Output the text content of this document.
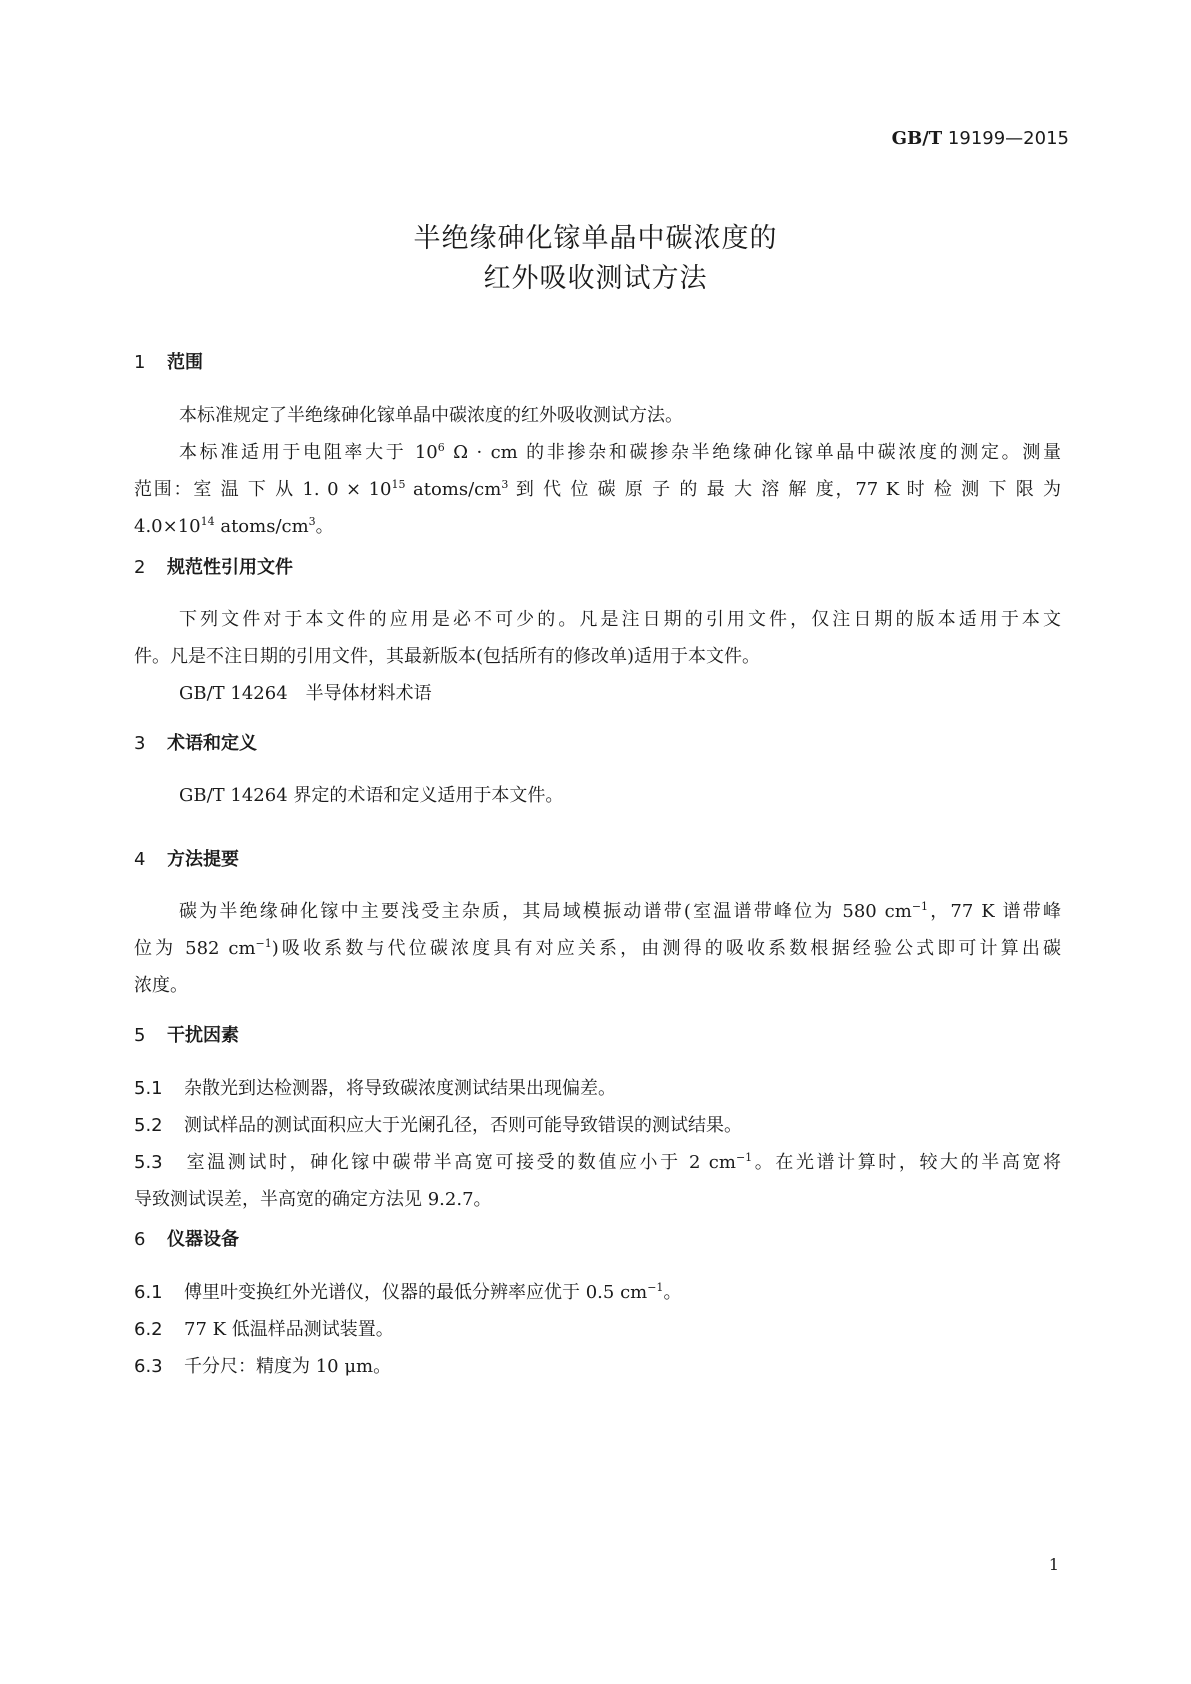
GB/T 19199—2015
半绝缘砷化镓单晶中碳浓度的
红外吸收测试方法
1 范围

本标准规定了半绝缘砷化镓单晶中碳浓度的红外吸收测试方法。

本标准适用于电阻率大于 $10^6$ Ω · cm 的非掺杂和碳掺杂半绝缘砷化镓单晶中碳浓度的测定。测量

范围：室 温 下 从 1. $0 \times 10^{15}$ atoms/$cm^3$ 到 代 位 碳 原 子 的 最 大 溶 解 度，77 K 时 检 测 下 限 为

$4.0\times 10^{14}$ atoms/$cm^3$。

2 规范性引用文件

下列文件对于本文件的应用是必不可少的。凡是注日期的引用文件，仅注日期的版本适用于本文

件。凡是不注日期的引用文件，其最新版本(包括所有的修改单)适用于本文件。

GB/T 14264　半导体材料术语

3 术语和定义

GB/T 14264 界定的术语和定义适用于本文件。

4 方法提要

碳为半绝缘砷化镓中主要浅受主杂质，其局域模振动谱带(室温谱带峰位为 580 $cm^{-1}$，77 K 谱带峰

位为 582 $cm^{-1}$)吸收系数与代位碳浓度具有对应关系，由测得的吸收系数根据经验公式即可计算出碳

浓度。

5 干扰因素
5.1 杂散光到达检测器，将导致碳浓度测试结果出现偏差。
5.2 测试样品的测试面积应大于光阑孔径，否则可能导致错误的测试结果。
5.3 室温测试时，砷化镓中碳带半高宽可接受的数值应小于 2 $cm^{-1}$。在光谱计算时，较大的半高宽将
导致测试误差，半高宽的确定方法见 9.2.7。
6 仪器设备
6.1 傅里叶变换红外光谱仪，仪器的最低分辨率应优于 0.5 $cm^{-1}$。
6.2 77 K 低温样品测试装置。
6.3 千分尺：精度为 10 μm。
1
